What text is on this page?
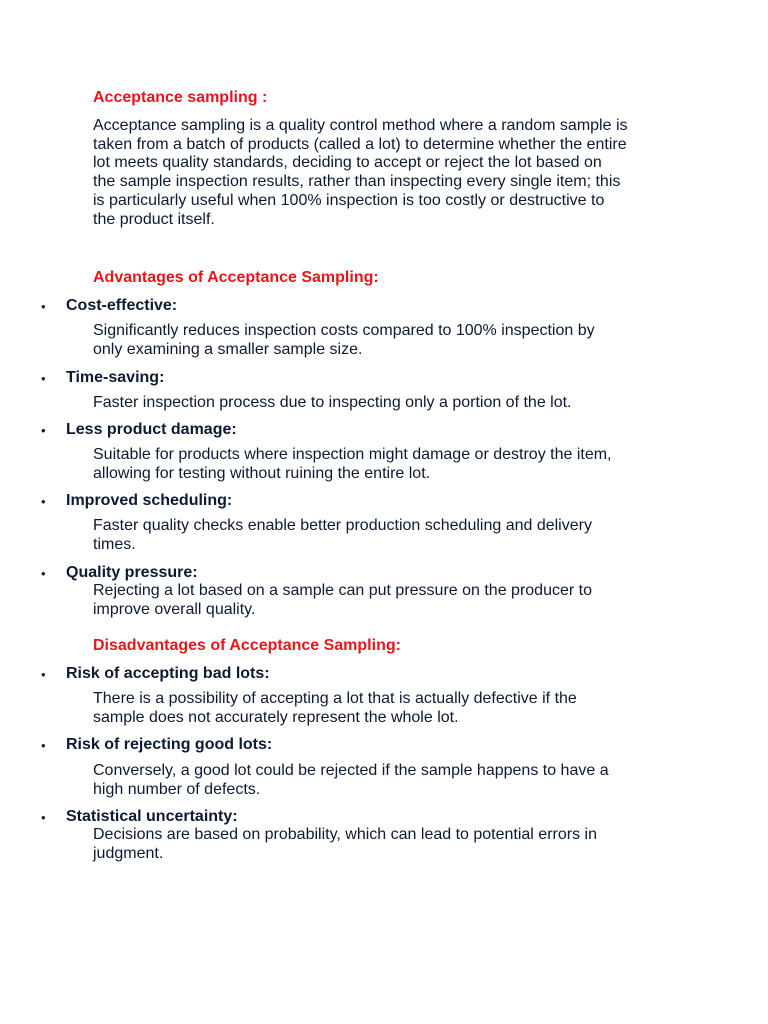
Acceptance sampling :
Acceptance sampling is a quality control method where a random sample is
taken from a batch of products (called a lot) to determine whether the entire
lot meets quality standards, deciding to accept or reject the lot based on
the sample inspection results, rather than inspecting every single item; this
is particularly useful when 100% inspection is too costly or destructive to
the product itself.
Advantages of Acceptance Sampling:
• Cost-effective:
Significantly reduces inspection costs compared to 100% inspection by
only examining a smaller sample size.
• Time-saving:
Faster inspection process due to inspecting only a portion of the lot.
• Less product damage:
Suitable for products where inspection might damage or destroy the item,
allowing for testing without ruining the entire lot.
• Improved scheduling:
Faster quality checks enable better production scheduling and delivery
times.
• Quality pressure:
Rejecting a lot based on a sample can put pressure on the producer to
improve overall quality.
Disadvantages of Acceptance Sampling:
• Risk of accepting bad lots:
There is a possibility of accepting a lot that is actually defective if the
sample does not accurately represent the whole lot.
• Risk of rejecting good lots:
Conversely, a good lot could be rejected if the sample happens to have a
high number of defects.
• Statistical uncertainty:
Decisions are based on probability, which can lead to potential errors in
judgment.
